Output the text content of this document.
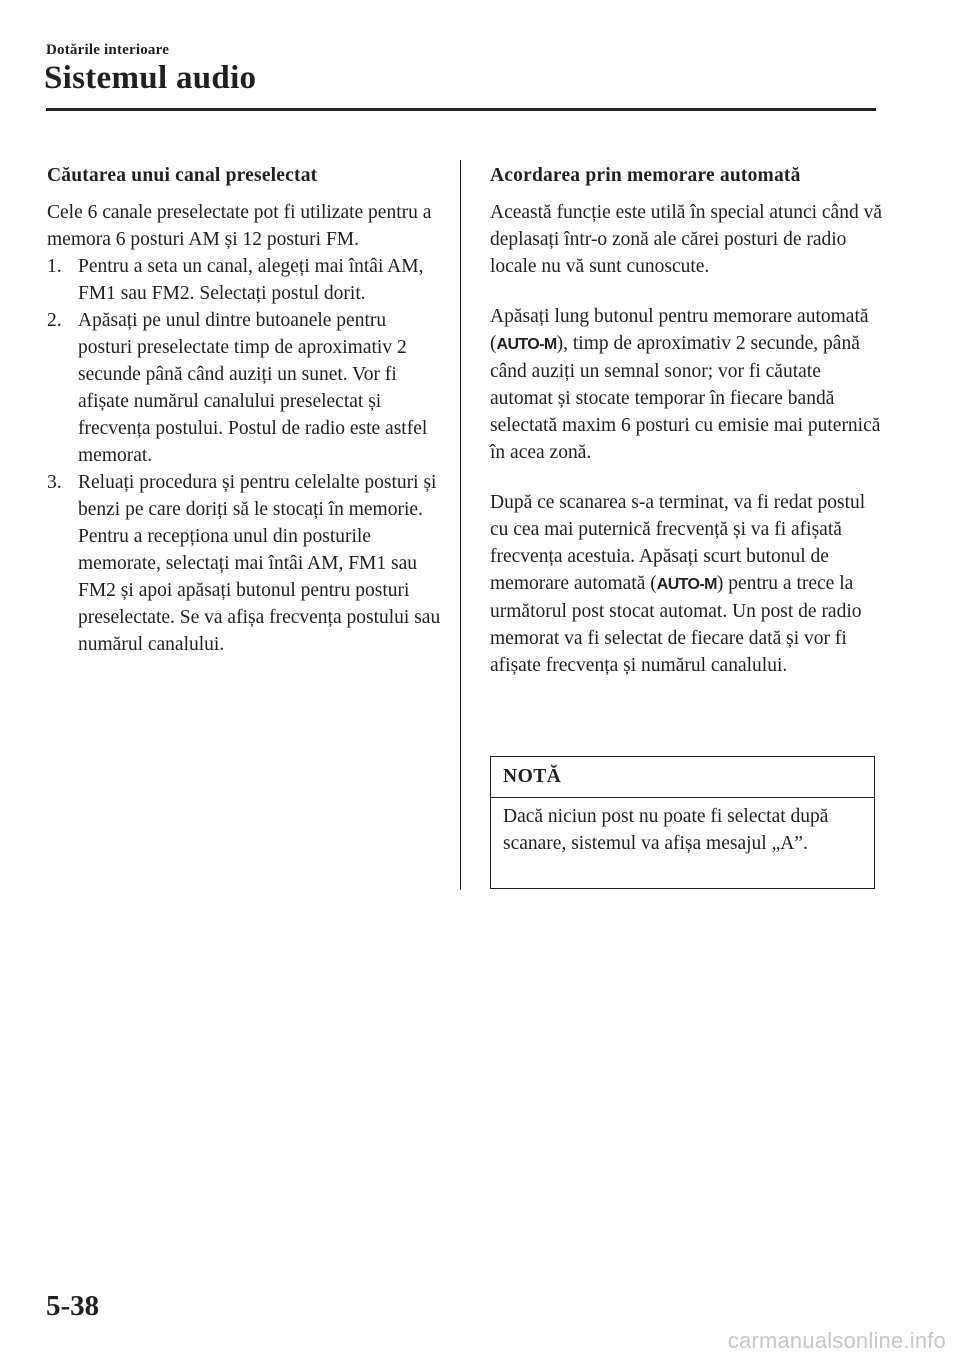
Dotările interioare
Sistemul audio
Căutarea unui canal preselectat

Cele 6 canale preselectate pot fi utilizate pentru a memora 6 posturi AM și 12 posturi FM.

1. Pentru a seta un canal, alegeți mai întâi AM, FM1 sau FM2. Selectați postul dorit.
2. Apăsați pe unul dintre butoanele pentru posturi preselectate timp de aproximativ 2 secunde până când auziți un sunet. Vor fi afișate numărul canalului preselectat și frecvența postului. Postul de radio este astfel memorat.
3. Reluați procedura și pentru celelalte posturi și benzi pe care doriți să le stocați în memorie. Pentru a recepționa unul din posturile memorate, selectați mai întâi AM, FM1 sau FM2 și apoi apăsați butonul pentru posturi preselectate. Se va afișa frecvența postului sau numărul canalului.
Acordarea prin memorare automată

Această funcție este utilă în special atunci când vă deplasați într-o zonă ale cărei posturi de radio locale nu vă sunt cunoscute.

Apăsați lung butonul pentru memorare automată (AUTO-M), timp de aproximativ 2 secunde, până când auziți un semnal sonor; vor fi căutate automat și stocate temporar în fiecare bandă selectată maxim 6 posturi cu emisie mai puternică în acea zonă.

După ce scanarea s-a terminat, va fi redat postul cu cea mai puternică frecvență și va fi afișată frecvența acestuia. Apăsați scurt butonul de memorare automată (AUTO-M) pentru a trece la următorul post stocat automat. Un post de radio memorat va fi selectat de fiecare dată și vor fi afișate frecvența și numărul canalului.

NOTĂ
Dacă niciun post nu poate fi selectat după scanare, sistemul va afișa mesajul „A”.
5-38
carmanualsonline.info
